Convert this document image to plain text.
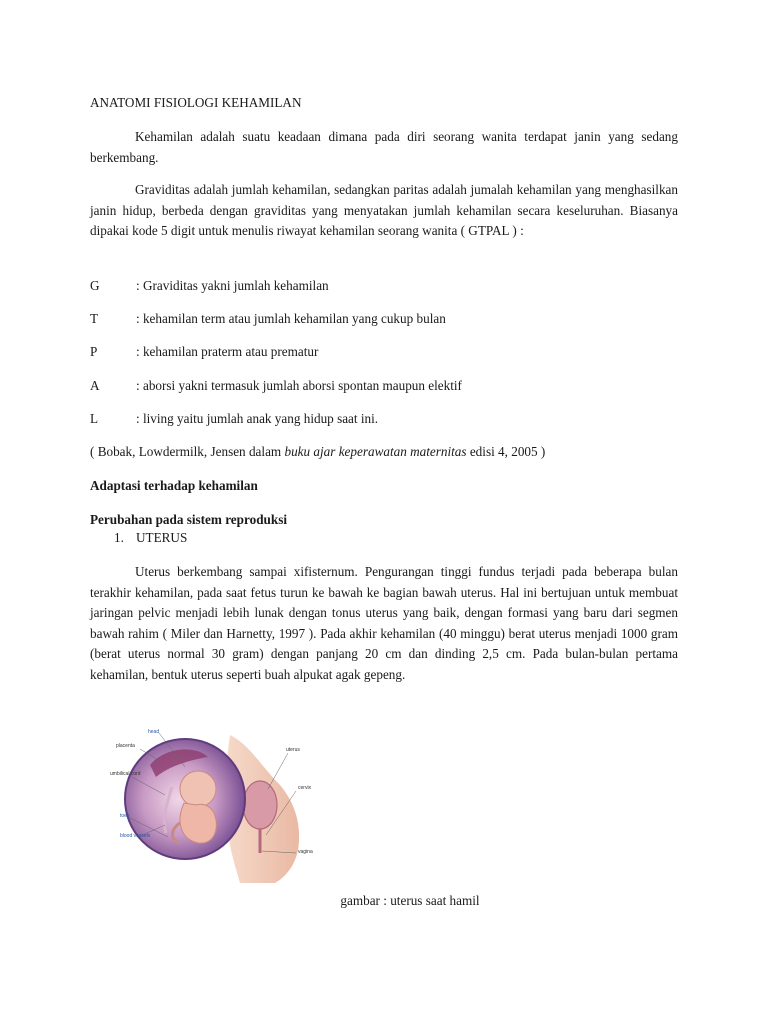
ANATOMI FISIOLOGI KEHAMILAN
Kehamilan adalah suatu keadaan dimana pada diri seorang wanita terdapat janin yang sedang berkembang.
Graviditas adalah jumlah kehamilan, sedangkan paritas adalah jumalah kehamilan yang menghasilkan janin hidup, berbeda dengan graviditas yang menyatakan jumlah kehamilan secara keseluruhan. Biasanya dipakai kode 5 digit untuk menulis riwayat kehamilan seorang wanita ( GTPAL ) :
G	: Graviditas yakni jumlah kehamilan
T	: kehamilan term atau jumlah kehamilan yang cukup bulan
P	: kehamilan praterm atau prematur
A	: aborsi yakni termasuk jumlah aborsi spontan maupun elektif
L	: living yaitu jumlah anak yang hidup saat ini.
( Bobak, Lowdermilk, Jensen dalam buku ajar keperawatan maternitas edisi 4, 2005 )
Adaptasi terhadap kehamilan
Perubahan pada sistem reproduksi
1. UTERUS
Uterus berkembang sampai xifisternum. Pengurangan tinggi fundus terjadi pada beberapa bulan terakhir kehamilan, pada saat fetus turun ke bawah ke bagian bawah uterus. Hal ini bertujuan untuk membuat jaringan pelvic menjadi lebih lunak dengan tonus uterus yang baik, dengan formasi yang baru dari segmen bawah rahim ( Miler dan Harnetty, 1997 ). Pada akhir kehamilan (40 minggu) berat uterus menjadi 1000 gram (berat uterus normal 30 gram) dengan panjang 20 cm dan dinding 2,5 cm. Pada bulan-bulan pertama kehamilan, bentuk uterus seperti buah alpukat agak gepeng.
head
placenta
umbilical cord
toes
blood vessels
uterus
cervix
vagina
gambar : uterus saat hamil
